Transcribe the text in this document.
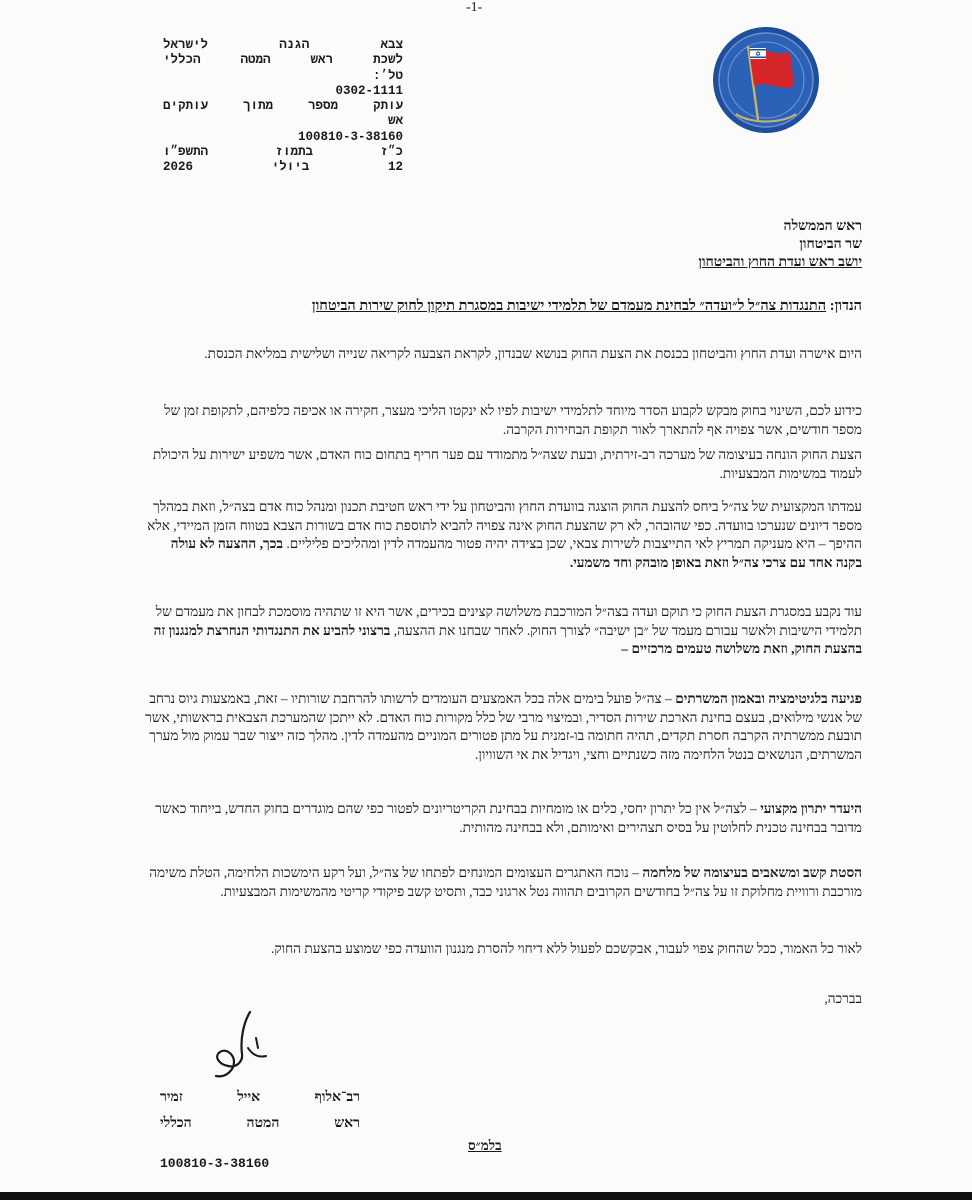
-1-
צבא
הגנה
לישראל
לשכת
ראש
המטה
הכללי
טל׳:
0302-1111
עותק
מספר
מתוך
עותקים
אש
100810-3-38160
כ״ז
בתמוז
התשפ״ו
12
ביולי
2026
ראש הממשלה
שר הביטחון
יושב ראש ועדת החוץ והביטחון
הנדון: התנגדות צה״ל ל״ועדה״ לבחינת מעמדם של תלמידי ישיבות במסגרת תיקון לחוק שירות הביטחון
היום אישרה ועדת החוץ והביטחון בכנסת את הצעת החוק בנושא שבנדון, לקראת הצבעה לקריאה שנייה ושלישית במליאת הכנסת.
כידוע לכם, השינוי בחוק מבקש לקבוע הסדר מיוחד לתלמידי ישיבות לפיו לא ינקטו הליכי מעצר, חקירה או אכיפה כלפיהם, לתקופת זמן של מספר חודשים, אשר צפויה אף להתארך לאור תקופת הבחירות הקרבה.
הצעת החוק הונחה בעיצומה של מערכה רב-זירתית, ובעת שצה״ל מתמודד עם פער חריף בתחום כוח האדם, אשר משפיע ישירות על היכולת לעמוד במשימות המבצעיות.
עמדתו המקצועית של צה״ל ביחס להצעת החוק הוצגה בוועדת החוץ והביטחון על ידי ראש חטיבת תכנון ומנהל כוח אדם בצה״ל, וזאת במהלך מספר דיונים שנערכו בוועדה. כפי שהובהר, לא רק שהצעת החוק אינה צפויה להביא לתוספת כוח אדם בשורות הצבא בטווח הזמן המיידי, אלא ההיפך – היא מעניקה תמריץ לאי התייצבות לשירות צבאי, שכן בצידה יהיה פטור מהעמדה לדין ומהליכים פליליים. בכך, ההצעה לא עולה בקנה אחד עם צרכי צה״ל וזאת באופן מובהק וחד משמעי.
עוד נקבע במסגרת הצעת החוק כי תוקם ועדה בצה״ל המורכבת משלושה קצינים בכירים, אשר היא זו שתהיה מוסמכת לבחון את מעמדם של תלמידי הישיבות ולאשר עבורם מעמד של ״בן ישיבה״ לצורך החוק. לאחר שבחנו את ההצעה, ברצוני להביע את התנגדותי הנחרצת למנגנון זה בהצעת החוק, וזאת משלושה טעמים מרכזיים –
פגיעה בלגיטימציה ובאמון המשרתים – צה״ל פועל בימים אלה בכל האמצעים העומדים לרשותו להרחבת שורותיו – זאת, באמצעות גיוס נרחב של אנשי מילואים, בעצם בחינת הארכת שירות הסדיר, ובמיצוי מרבי של כלל מקורות כוח האדם. לא ייתכן שהמערכת הצבאית בראשותי, אשר תובעת ממשרתיה הקרבה חסרת תקדים, תהיה חתומה בו-זמנית על מתן פטורים המוניים מהעמדה לדין. מהלך כזה ייצור שבר עמוק מול מערך המשרתים, הנושאים בנטל הלחימה מזה כשנתיים וחצי, ויגדיל את אי השוויון.
היעדר יתרון מקצועי – לצה״ל אין כל יתרון יחסי, כלים או מומחיות בבחינת הקריטריונים לפטור כפי שהם מוגדרים בחוק החדש, בייחוד כאשר מדובר בבחינה טכנית לחלוטין על בסיס תצהירים ואימותם, ולא בבחינה מהותית.
הסטת קשב ומשאבים בעיצומה של מלחמה – נוכח האתגרים העצומים המונחים לפתחו של צה״ל, ועל רקע הימשכות הלחימה, הטלת משימה מורכבת ורוויית מחלוקת זו על צה״ל בחודשים הקרובים תהווה נטל ארגוני כבד, ותסיט קשב פיקודי קריטי מהמשימות המבצעיות.
לאור כל האמור, ככל שהחוק צפוי לעבור, אבקשכם לפעול ללא דיחוי להסרת מנגנון הוועדה כפי שמוצע בהצעת החוק.
בברכה,
רב־אלוף
אייל
זמיר
ראש
המטה
הכללי
בלמ״ס
100810-3-38160
